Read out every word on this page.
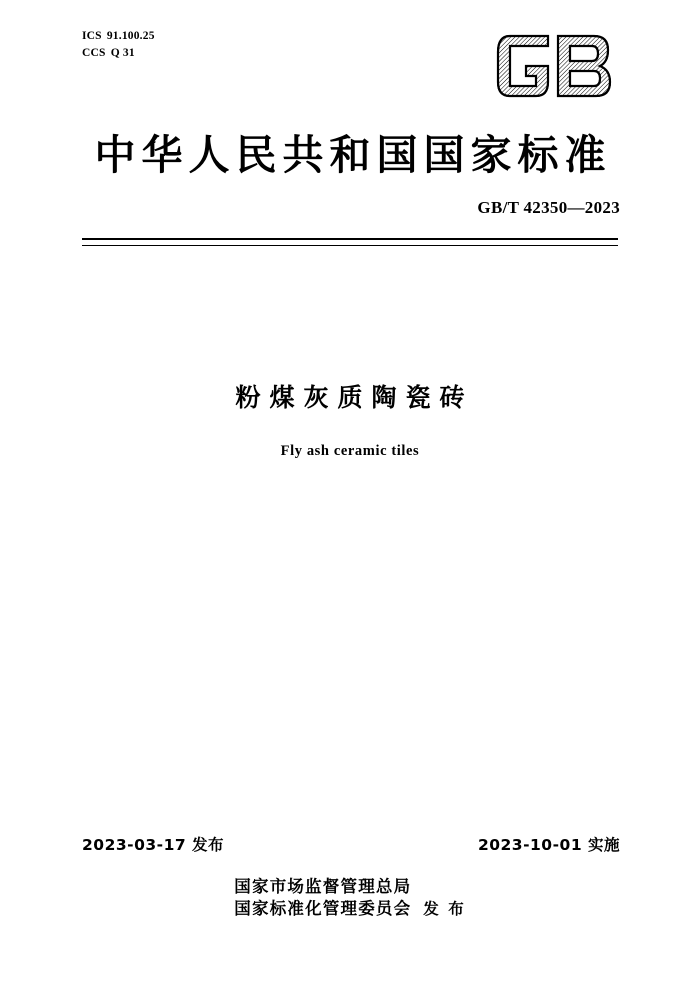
ICS 91.100.25
CCS Q 31
中华人民共和国国家标准
GB/T 42350—2023
粉煤灰质陶瓷砖
Fly ash ceramic tiles
2023-03-17 发布	2023-10-01 实施
国家市场监督管理总局
国家标准化管理委员会 发 布
